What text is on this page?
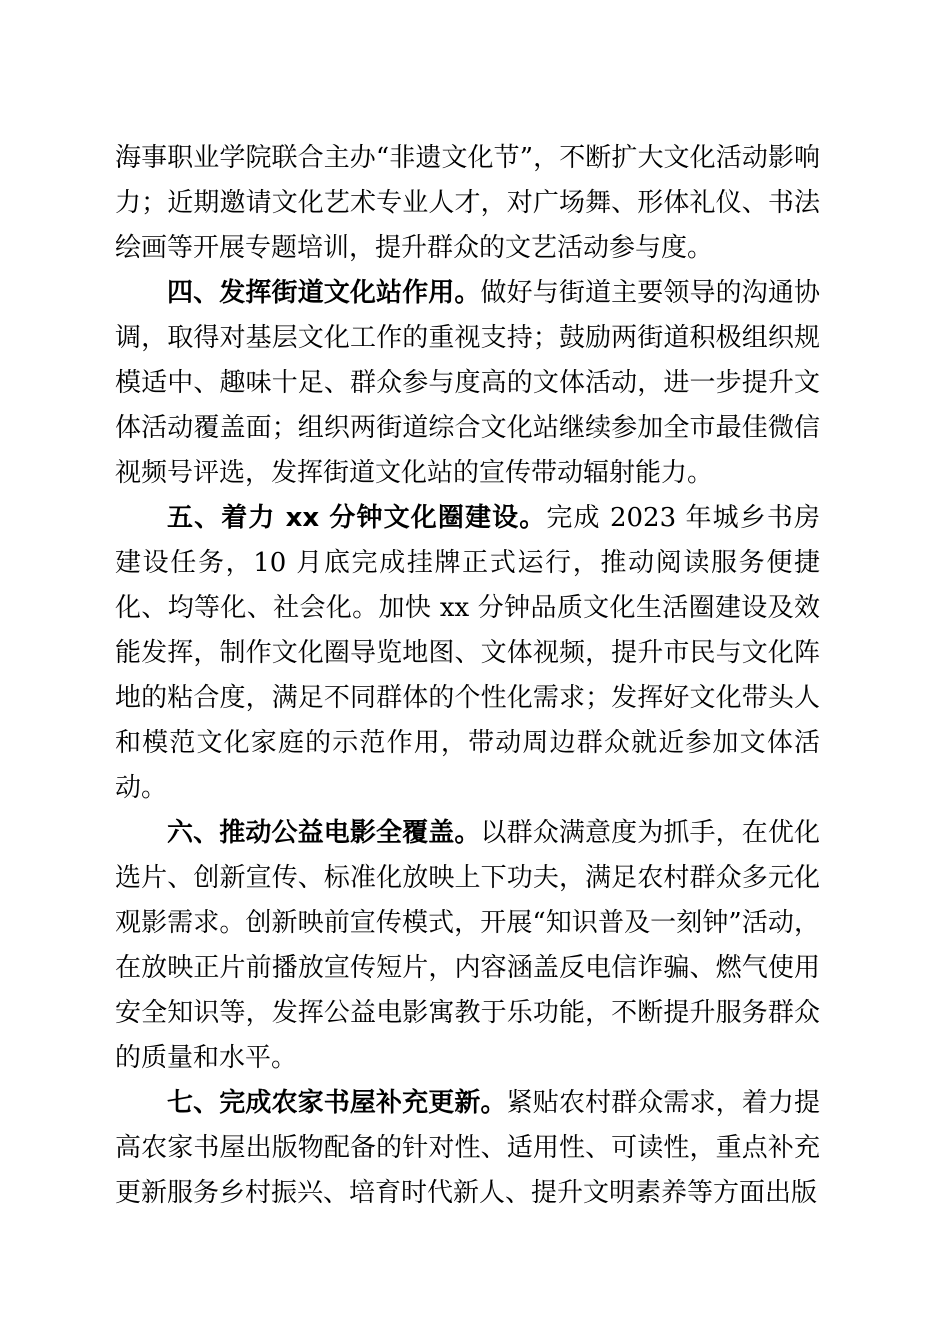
海事职业学院联合主办“非遗文化节”，不断扩大文化活动影响力；近期邀请文化艺术专业人才，对广场舞、形体礼仪、书法绘画等开展专题培训，提升群众的文艺活动参与度。

四、发挥街道文化站作用。做好与街道主要领导的沟通协调，取得对基层文化工作的重视支持；鼓励两街道积极组织规模适中、趣味十足、群众参与度高的文体活动，进一步提升文体活动覆盖面；组织两街道综合文化站继续参加全市最佳微信视频号评选，发挥街道文化站的宣传带动辐射能力。

五、着力 xx 分钟文化圈建设。完成 2023 年城乡书房建设任务，10 月底完成挂牌正式运行，推动阅读服务便捷化、均等化、社会化。加快 xx 分钟品质文化生活圈建设及效能发挥，制作文化圈导览地图、文体视频，提升市民与文化阵地的粘合度，满足不同群体的个性化需求；发挥好文化带头人和模范文化家庭的示范作用，带动周边群众就近参加文体活动。

六、推动公益电影全覆盖。以群众满意度为抓手，在优化选片、创新宣传、标准化放映上下功夫，满足农村群众多元化观影需求。创新映前宣传模式，开展“知识普及一刻钟”活动，在放映正片前播放宣传短片，内容涵盖反电信诈骗、燃气使用安全知识等，发挥公益电影寓教于乐功能，不断提升服务群众的质量和水平。

七、完成农家书屋补充更新。紧贴农村群众需求，着力提高农家书屋出版物配备的针对性、适用性、可读性，重点补充更新服务乡村振兴、培育时代新人、提升文明素养等方面出版
